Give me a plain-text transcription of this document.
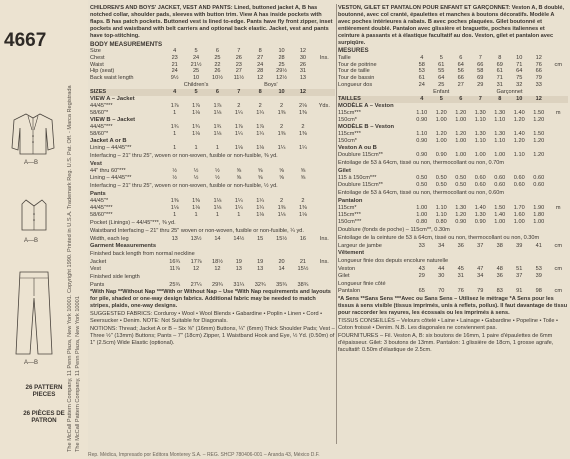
4667
A—B
A—B
A—B
26 PATTERN PIECES
26 PIÈCES DE PATRON	The McCall Pattern Company, 11 Penn Plaza, New York 10001. Copyright 1990. Printed in U.S.A. Trademark Reg. U.S. Pat. Off. - Marca Registrada The McCall Pattern Company, 11 Penn Plaza, New York 10001
CHILDREN'S AND BOYS' JACKET, VEST AND PANTS: Lined, buttoned jacket A, B has notched collar, shoulder pads, sleeves with button trim. View A has inside pockets with flaps. B has patch pockets. Buttoned vest is lined to-edge. Pants have fly front zipper, inset pockets and waistband with belt carriers and optional back elastic. Jacket, vest and pants have top-stitching.
BODY MEASUREMENTS
Size	4	5	6	7	8	10	12	
Chest	23	24	25	26	27	28	30	Ins.
Waist	21	21½	22	23	24	25	26	
Hip (seat)	24	25	26	27	28	29½	31	
Back waist length	9½	10	10½	11½	12	12½	13	
	Children's	Boys'	
SIZES	4	5	6	7	8	10	12	
VIEW A – Jacket
44/45"***	1⅞	1⅞	1⅞	2	2	2	2⅛	Yds.
58/60"*	1	1⅛	1⅛	1¼	1¼	1⅜	1⅜	
VIEW B – Jacket
44/45"***	1¾	1¾	1¾	1⅞	1⅞	2	2	
58/60"*	1	1⅛	1⅛	1¼	1¼	1⅜	1⅜	
Jacket A or B
Lining – 44/45"**	1	1	1	1⅛	1⅛	1¼	1¼	
Interfacing – 21" thru 25", woven or non-woven, fusible or non-fusible, ⅜ yd.
Vest
44" thru 60"***	½	½	½	⅝	⅝	⅝	⅝	
Lining – 44/45"**	½	½	½	⅝	⅝	⅝	⅝	
Interfacing – 21" thru 25", woven or non-woven, fusible or non-fusible, ½ yd.
Pants
44/45"*	1⅜	1⅜	1⅛	1¼	1¼	2	2	
44/45"***	1⅛	1⅛	1⅛	1¼	1¼	1⅜	1⅜	
58/60"***	1	1	1	1	1⅛	1⅛	1⅛	
Pocket (Linings) – 44/45"***, ⅜ yd.
Waistband Interfacing – 21" thru 25" woven or non-woven, fusible or non-fusible, ¼ yd.
Width, each leg	13	13½	14	14½	15	15½	16	Ins.
Garment Measurements
Finished back length from normal neckline
Jacket	16¾	17⅞	18½	19	19	20	21	Ins.
Vest	11⅞	12	12	13	13	14	15½	
Finished side length
Pants	25¾	27¼	29¾	31¼	32¾	35¾	38¾	
*With Nap **Without Nap ***With or Without Nap – Use *With Nap requirements and layouts for pile, shaded or one-way design fabrics. Additional fabric may be needed to match stripes, plaids, one-way designs.
SUGGESTED FABRICS: Corduroy • Wool • Wool Blends • Gabardine • Poplin • Linen • Cord • Seersucker • Denim. NOTE: Not Suitable for Diagonals.
NOTIONS: Thread; Jacket A or B – Six ⅝" (16mm) Buttons, ¼" (6mm) Thick Shoulder Pads; Vest – Three ½" (13mm) Buttons; Pants – 7" (18cm) Zipper, 1 Waistband Hook and Eye, ½ Yd. (0.50m) of 1" (2.5cm) Wide Elastic (optional).
VESTON, GILET ET PANTALON POUR ENFANT ET GARÇONNET: Veston A, B doublé, boutonné, avec col cranté, épaulettes et manches à boutons décoratifs. Modèle A avec poches intérieures à rabats. B avec poches plaquées. Gilet boutonné et entièrement doublé. Pantalon avec glissière et braguette, poches italiennes et ceinture à passants et à élastique facultatif au dos. Veston, gilet et pantalon avec surpiqûre.
MESURES
Taille	4	5	6	7	8	10	12	
Tour de poitrine	58	61	64	66	69	71	76	cm
Tour de taille	53	55	56	58	61	64	66	
Tour de bassin	61	64	66	69	71	75	79	
Longueur dos	24	25	27	29	31	32	33	
	Enfant	Garçonnet	
TAILLES	4	5	6	7	8	10	12	
MODÈLE A – Veston
115cm***	1.10	1.20	1.20	1.30	1.30	1.40	1.50	m
150cm*	0.90	1.00	1.00	1.10	1.10	1.20	1.20	
MODÈLE B – Veston
115cm***	1.10	1.20	1.20	1.30	1.30	1.40	1.50	
150cm*	0.90	1.00	1.00	1.10	1.10	1.20	1.20	
Veston A ou B
Doublure 115cm**	0.90	0.90	1.00	1.00	1.00	1.10	1.20	
Entoilage de 53 à 64cm, tissé ou non, thermocollant ou non, 0.70m
Gilet
115 à 150cm***	0.50	0.50	0.50	0.60	0.60	0.60	0.60	
Doublure 115cm**	0.50	0.50	0.50	0.60	0.60	0.60	0.60	
Entoilage de 53 à 64cm, tissé ou non, thermocollant ou non, 0.60m
Pantalon
115cm*	1.00	1.10	1.30	1.40	1.50	1.70	1.90	m
115cm***	1.00	1.10	1.20	1.30	1.40	1.60	1.80	
150cm***	0.80	0.80	0.90	0.90	1.00	1.00	1.00	
Doublure (fonds de poche) – 115cm**, 0.30m
Entoilage de la ceinture de 53 à 64cm, tissé ou non, thermocollant ou non, 0.30m
Largeur de jambe	33	34	36	37	38	39	41	cm
Vêtement
Longueur finie dos depuis encolure naturelle
Veston	43	44	45	47	48	51	53	cm
Gilet	29	30	31	34	36	37	39	
Longueur finie côté
Pantalon	65	70	76	79	83	91	98	cm
*A Sens **Sans Sens ***Avec ou Sans Sens – Utilisez le métrage *A Sens pour les tissus à sens visible (tissus imprimés, unis à reflets, poilus). Il faut davantage de tissu pour raccorder les rayures, les écossais ou les imprimés à sens.
TISSUS CONSEILLÉS – Velours côtelé • Laine • Lainage • Gabardine • Popeline • Toile • Coton froissé • Denim. N.B. Les diagonales ne conviennent pas.
FOURNITURES – Fil. Veston A, B: six boutons de 16mm, 1 paire d'épaulettes de 6mm d'épaisseur. Gilet: 3 boutons de 13mm. Pantalon: 1 glissière de 18cm, 1 grosse agrafe, facultatif: 0.50m d'élastique de 2.5cm.
Rep. Médica, Impresado por Editora Monterey S.A. – REG. SHCP 780406-001 – Aranda 43, México D.F.
